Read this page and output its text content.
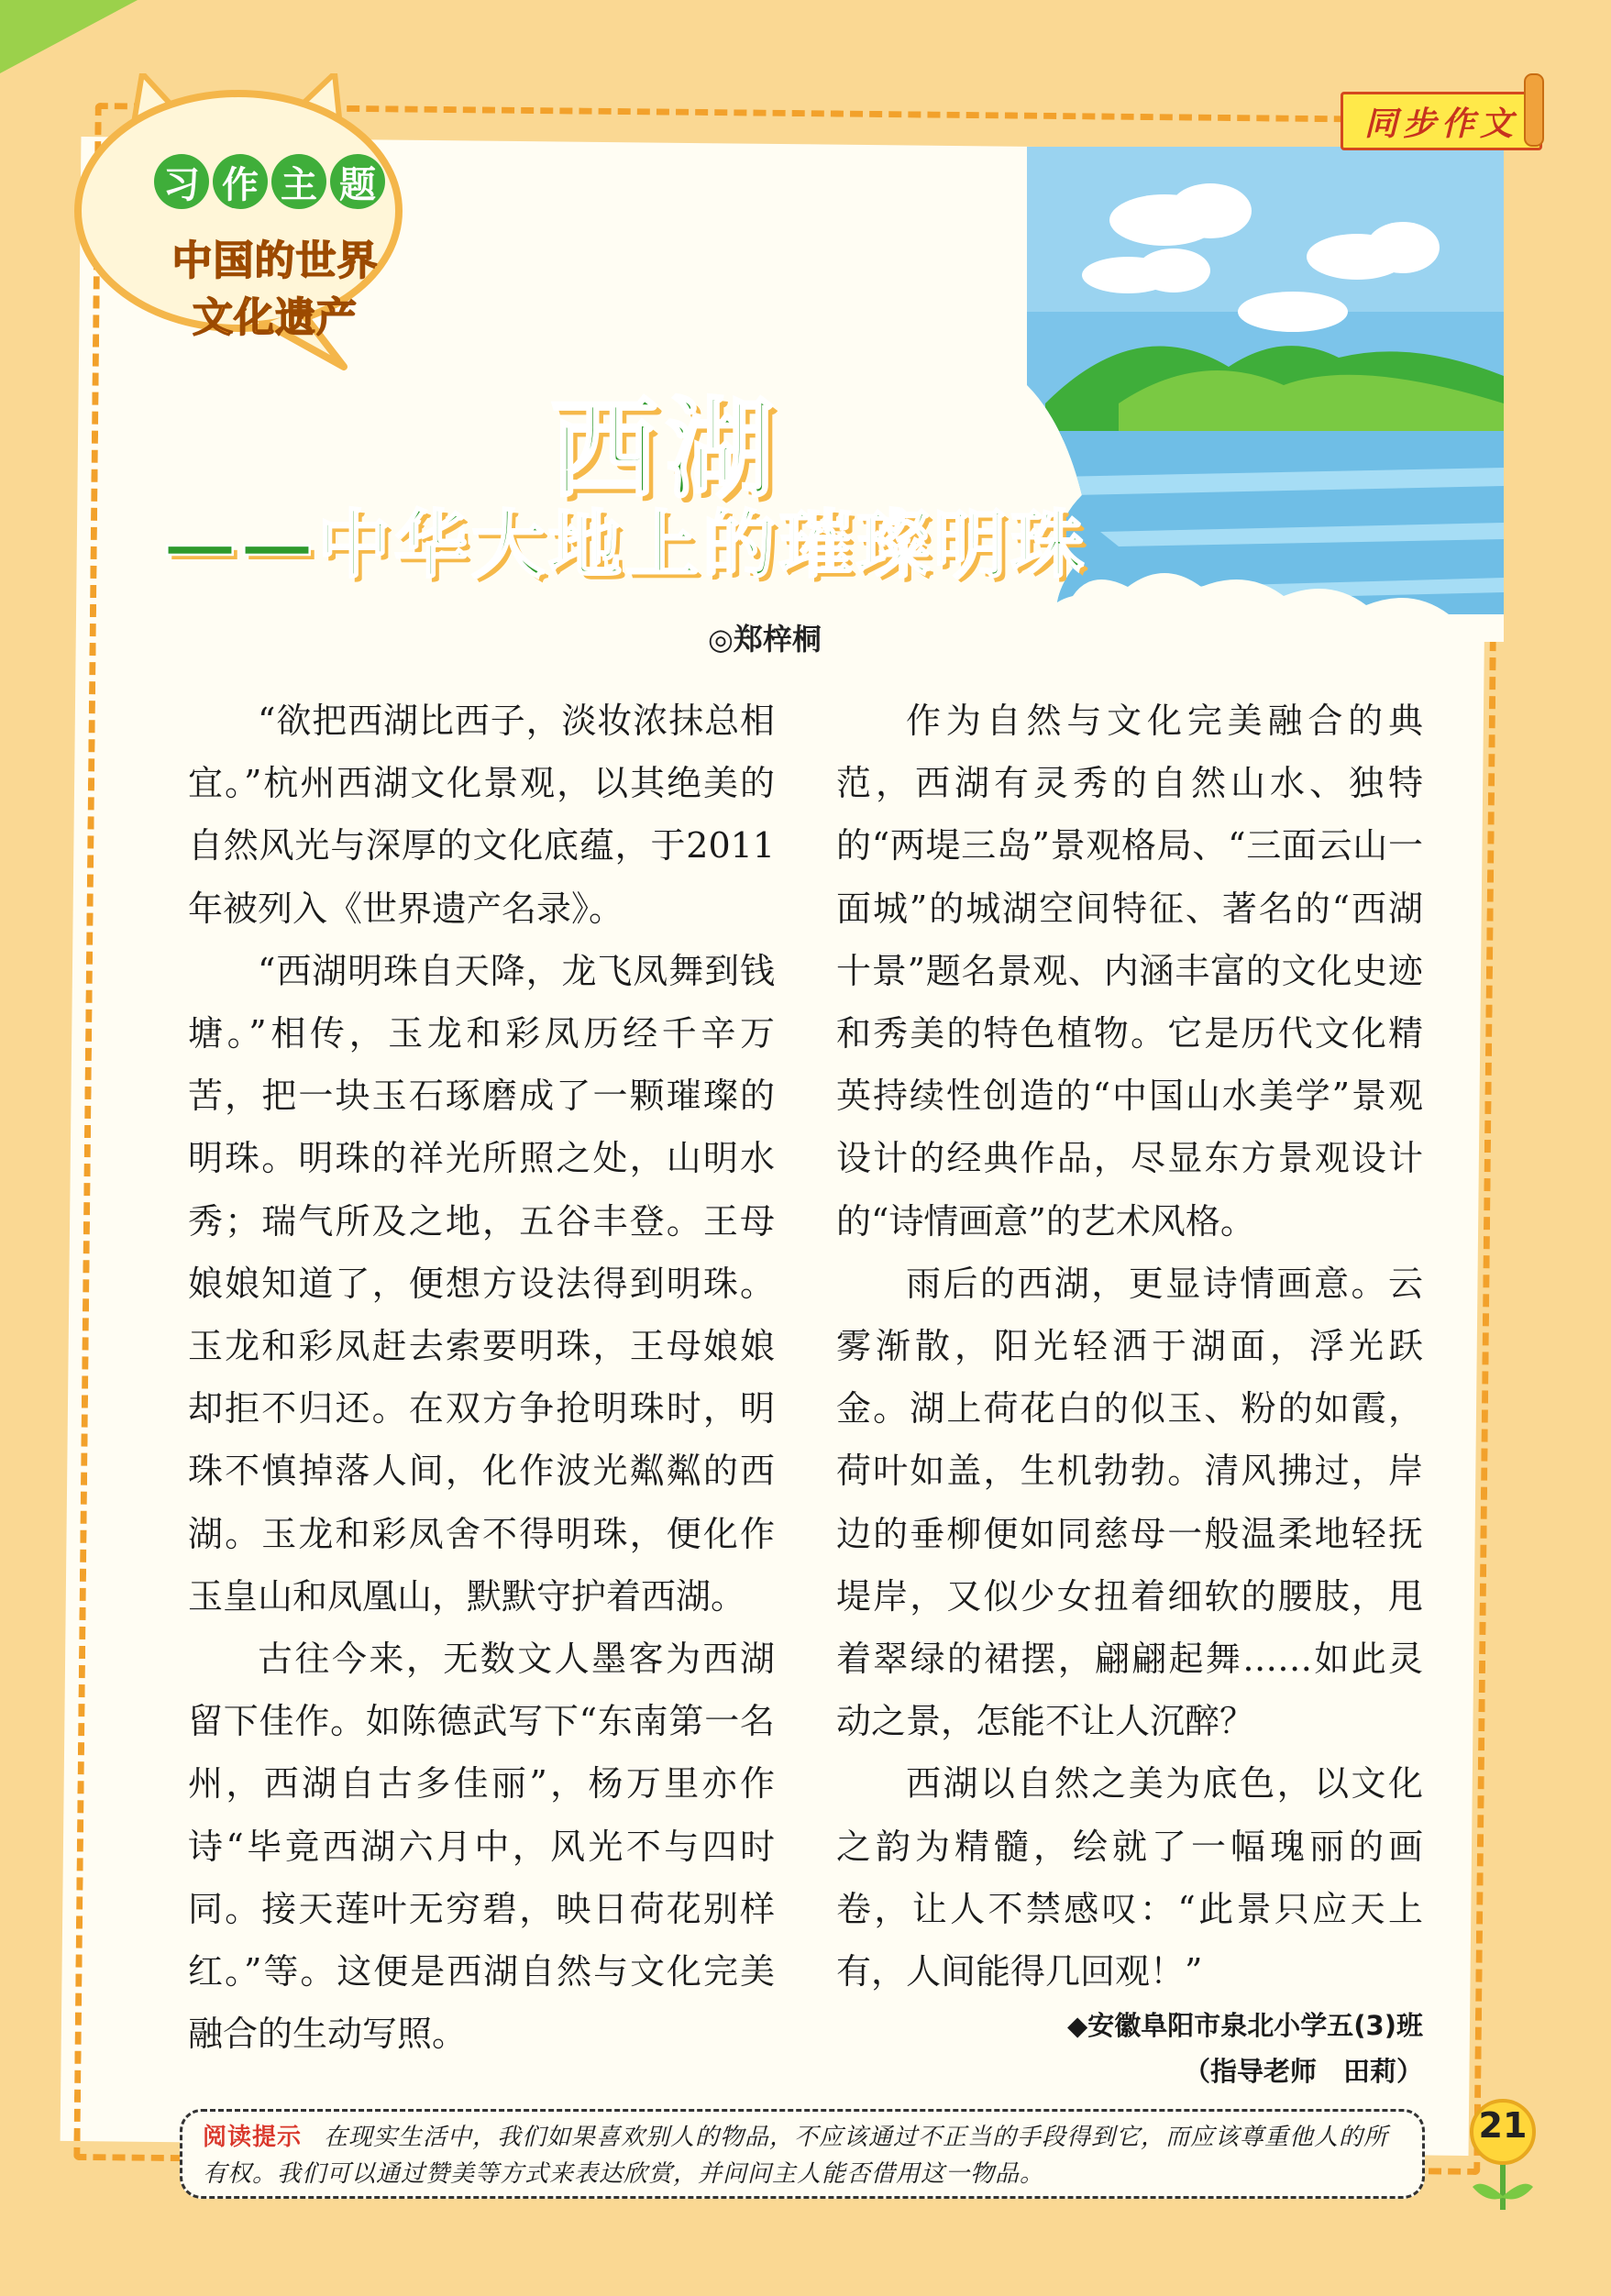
习 作 主 题
中国的世界
文化遗产
同步作文
西湖
——中华大地上的璀璨明珠
◎郑梓桐

“欲把西湖比西子，淡妆浓抹总相宜。”杭州西湖文化景观，以其绝美的自然风光与深厚的文化底蕴，于2011年被列入《世界遗产名录》。

“西湖明珠自天降，龙飞凤舞到钱塘。”相传，玉龙和彩凤历经千辛万苦，把一块玉石琢磨成了一颗璀璨的明珠。明珠的祥光所照之处，山明水秀；瑞气所及之地，五谷丰登。王母娘娘知道了，便想方设法得到明珠。玉龙和彩凤赶去索要明珠，王母娘娘却拒不归还。在双方争抢明珠时，明珠不慎掉落人间，化作波光粼粼的西湖。玉龙和彩凤舍不得明珠，便化作玉皇山和凤凰山，默默守护着西湖。

古往今来，无数文人墨客为西湖留下佳作。如陈德武写下“东南第一名州，西湖自古多佳丽”，杨万里亦作诗“毕竟西湖六月中，风光不与四时同。接天莲叶无穷碧，映日荷花别样红。”等。这便是西湖自然与文化完美融合的生动写照。

作为自然与文化完美融合的典范，西湖有灵秀的自然山水、独特的“两堤三岛”景观格局、“三面云山一面城”的城湖空间特征、著名的“西湖十景”题名景观、内涵丰富的文化史迹和秀美的特色植物。它是历代文化精英持续性创造的“中国山水美学”景观设计的经典作品，尽显东方景观设计的“诗情画意”的艺术风格。

雨后的西湖，更显诗情画意。云雾渐散，阳光轻洒于湖面，浮光跃金。湖上荷花白的似玉、粉的如霞，荷叶如盖，生机勃勃。清风拂过，岸边的垂柳便如同慈母一般温柔地轻抚堤岸，又似少女扭着细软的腰肢，甩着翠绿的裙摆，翩翩起舞……如此灵动之景，怎能不让人沉醉？

西湖以自然之美为底色，以文化之韵为精髓，绘就了一幅瑰丽的画卷，让人不禁感叹：“此景只应天上有，人间能得几回观！”

◆安徽阜阳市泉北小学五(3)班
（指导老师　田莉）
阅读提示 在现实生活中，我们如果喜欢别人的物品，不应该通过不正当的手段得到它，而应该尊重他人的所有权。我们可以通过赞美等方式来表达欣赏，并问问主人能否借用这一物品。
21
